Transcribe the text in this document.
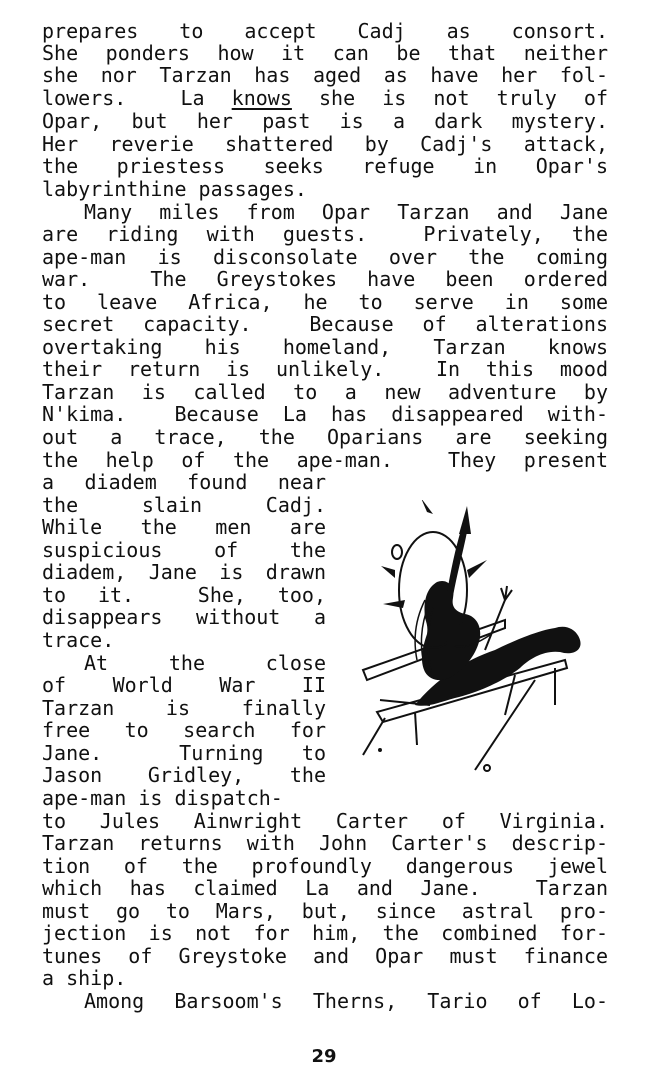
prepares to accept Cadj as consort.
She ponders how it can be that neither
she nor Tarzan has aged as have her fol-
lowers.  La knows she is not truly of
Opar, but her past is a dark mystery.
Her reverie shattered by Cadj's attack,
the priestess seeks refuge in Opar's
labyrinthine passages.
Many miles from Opar Tarzan and Jane
are riding with guests.  Privately, the
ape-man is disconsolate over the coming
war.  The Greystokes have been ordered
to leave Africa, he to serve in some
secret capacity.  Because of alterations
overtaking his homeland, Tarzan knows
their return is unlikely.  In this mood
Tarzan is called to a new adventure by
N'kima.  Because La has disappeared with-
out a trace, the Oparians are seeking
the help of the ape-man.  They present
a diadem found near
the slain Cadj.
While the men are
suspicious of the
diadem, Jane is drawn
to it.  She, too,
disappears without a
trace.
At the close
of World War II
Tarzan is finally
free to search for
Jane.  Turning to
Jason Gridley, the
ape-man is dispatch-
to Jules Ainwright Carter of Virginia.
Tarzan returns with John Carter's descrip-
tion of the profoundly dangerous jewel
which has claimed La and Jane.  Tarzan
must go to Mars, but, since astral pro-
jection is not for him, the combined for-
tunes of Greystoke and Opar must finance
a ship.
Among Barsoom's Therns, Tario of Lo-
29
